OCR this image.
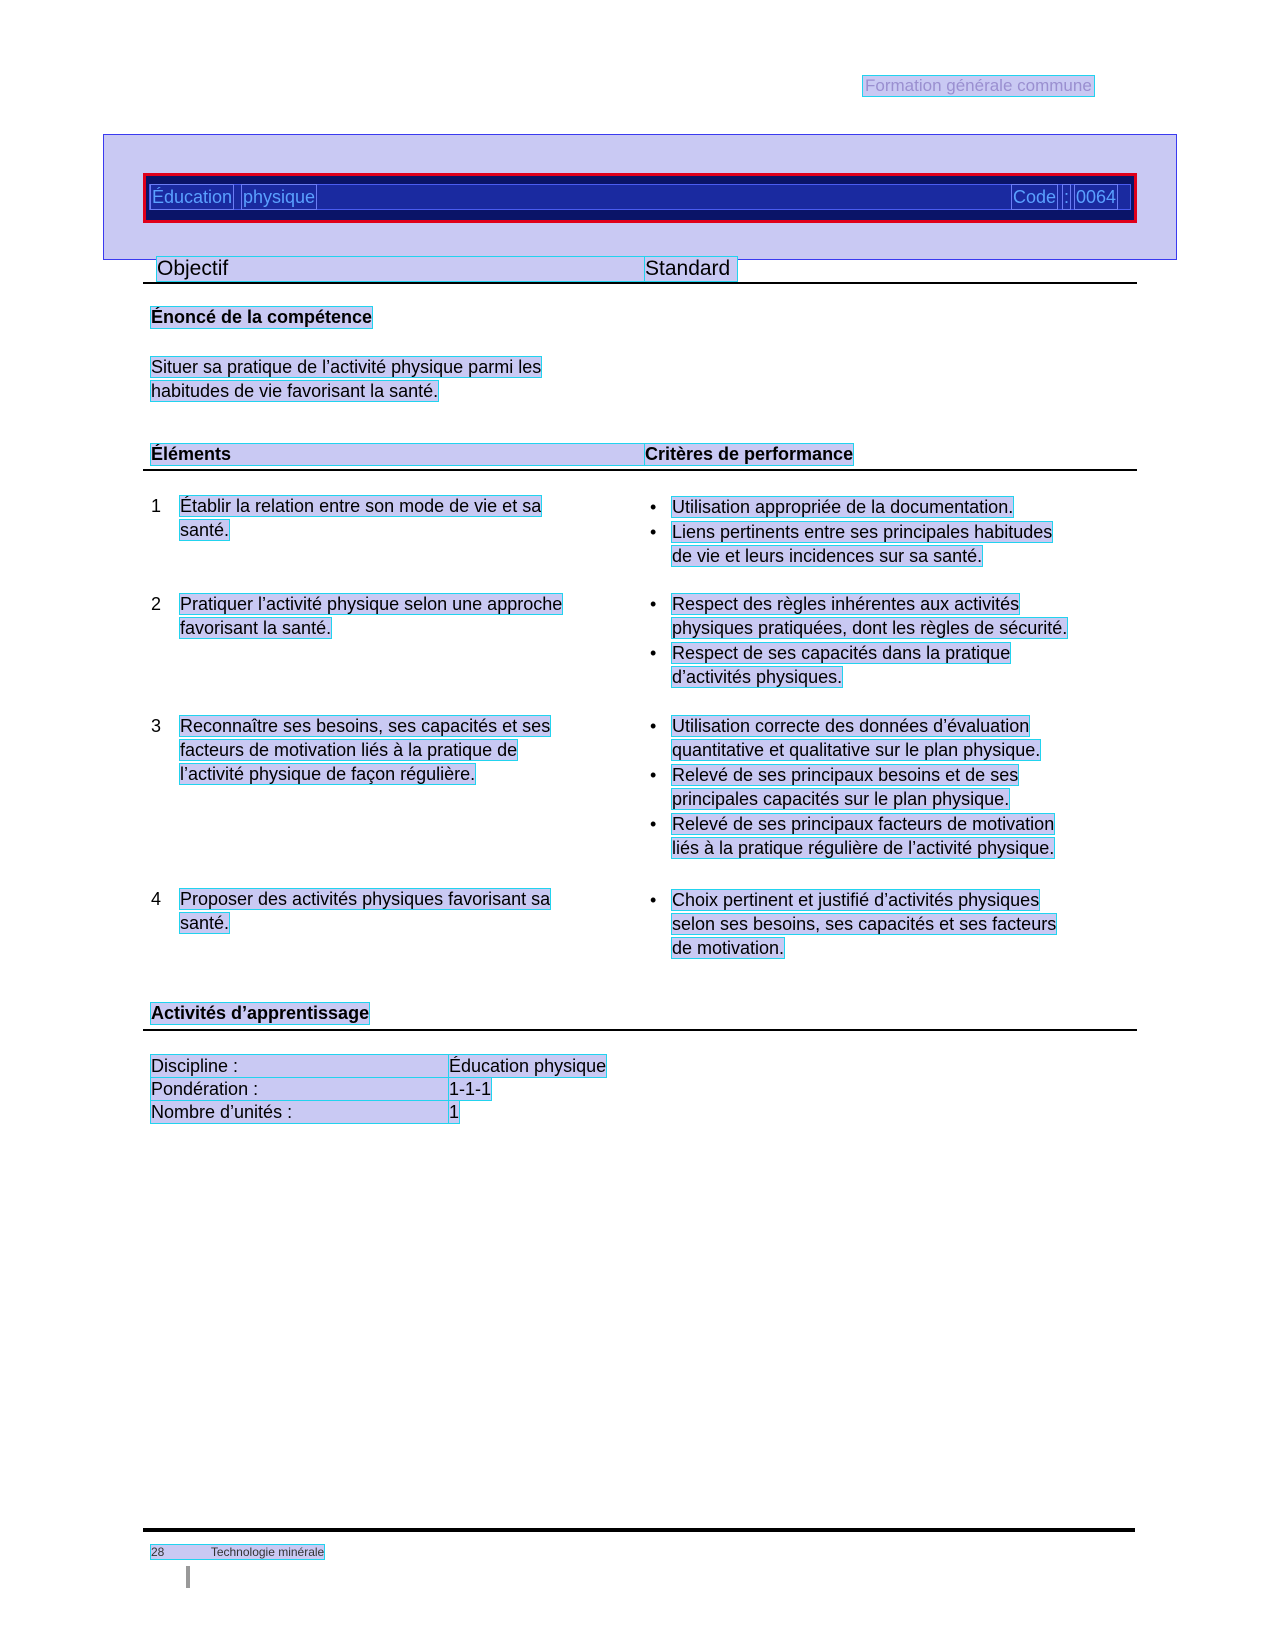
Formation générale commune
Éducation physique	Code : 0064
Objectif	Standard
Énoncé de la compétence
Situer sa pratique de l’activité physique parmi les
habitudes de vie favorisant la santé.
Éléments	Critères de performance
1 Établir la relation entre son mode de vie et sa
santé.
• Utilisation appropriée de la documentation.
• Liens pertinents entre ses principales habitudes
de vie et leurs incidences sur sa santé.
2 Pratiquer l’activité physique selon une approche
favorisant la santé.
• Respect des règles inhérentes aux activités
physiques pratiquées, dont les règles de sécurité.
• Respect de ses capacités dans la pratique
d’activités physiques.
3 Reconnaître ses besoins, ses capacités et ses
facteurs de motivation liés à la pratique de
l’activité physique de façon régulière.
• Utilisation correcte des données d’évaluation
quantitative et qualitative sur le plan physique.
• Relevé de ses principaux besoins et de ses
principales capacités sur le plan physique.
• Relevé de ses principaux facteurs de motivation
liés à la pratique régulière de l’activité physique.
4 Proposer des activités physiques favorisant sa
santé.
• Choix pertinent et justifié d’activités physiques
selon ses besoins, ses capacités et ses facteurs
de motivation.
Activités d’apprentissage
Discipline :	Éducation physique
Pondération :	1-1-1
Nombre d’unités :	1
28	Technologie minérale
